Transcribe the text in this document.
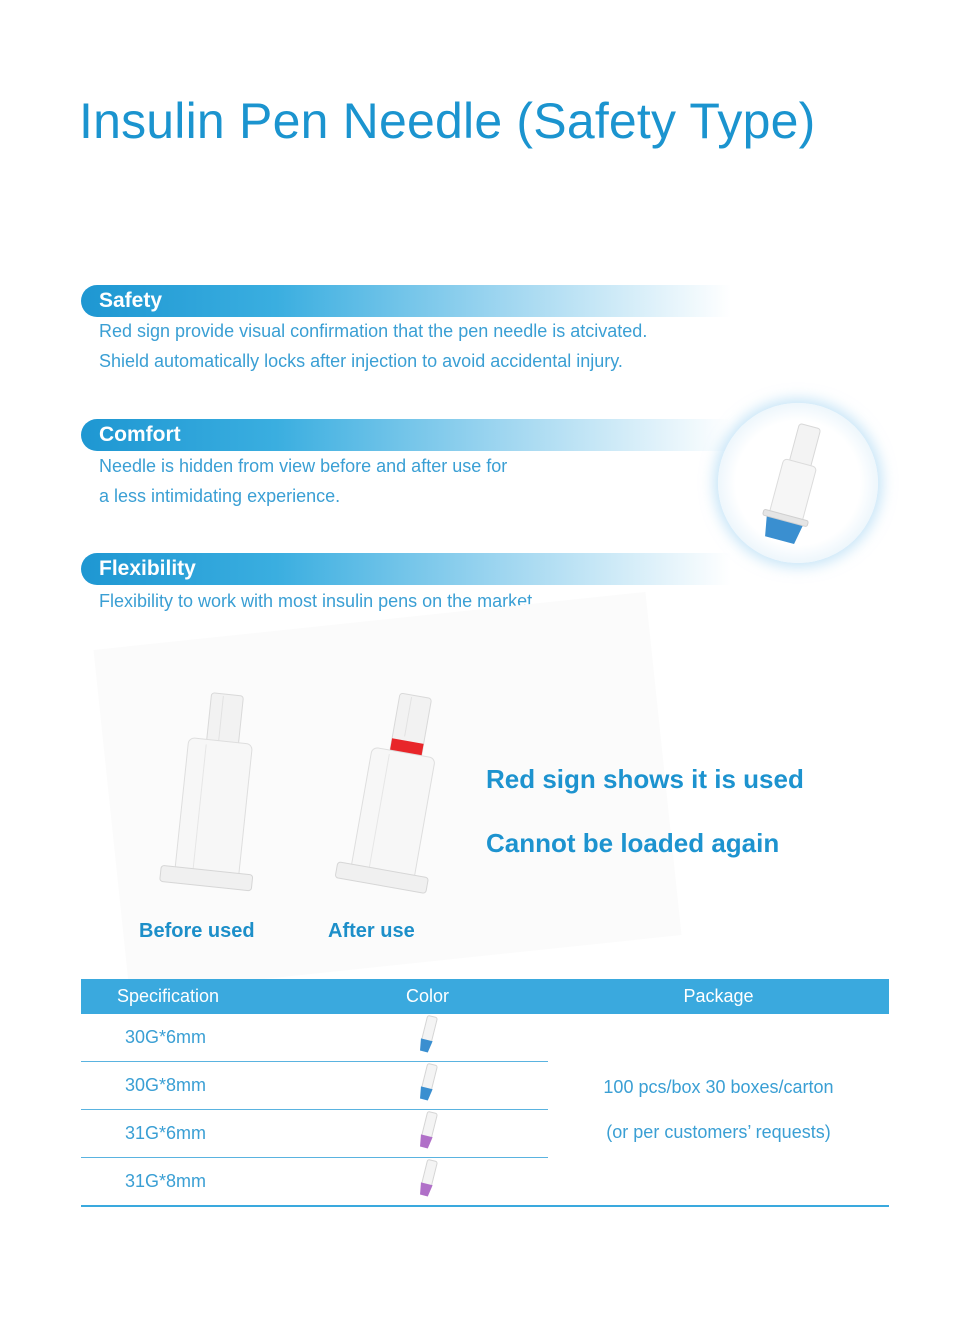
Insulin Pen Needle (Safety Type)
Safety

Red sign provide visual confirmation that the pen needle is atcivated.

Shield automatically locks after injection to avoid accidental injury.

Comfort

Needle is hidden from view before and after use for

a less intimidating experience.

Flexibility

Flexibility to work with most insulin pens on the market.

Red sign shows it is used

Cannot be loaded again

Before used	After use
Specification	Color	Package
30G*6mm		100 pcs/box 30 boxes/carton
(or per customers’ requests)

30G*8mm	
31G*6mm	
31G*8mm	
